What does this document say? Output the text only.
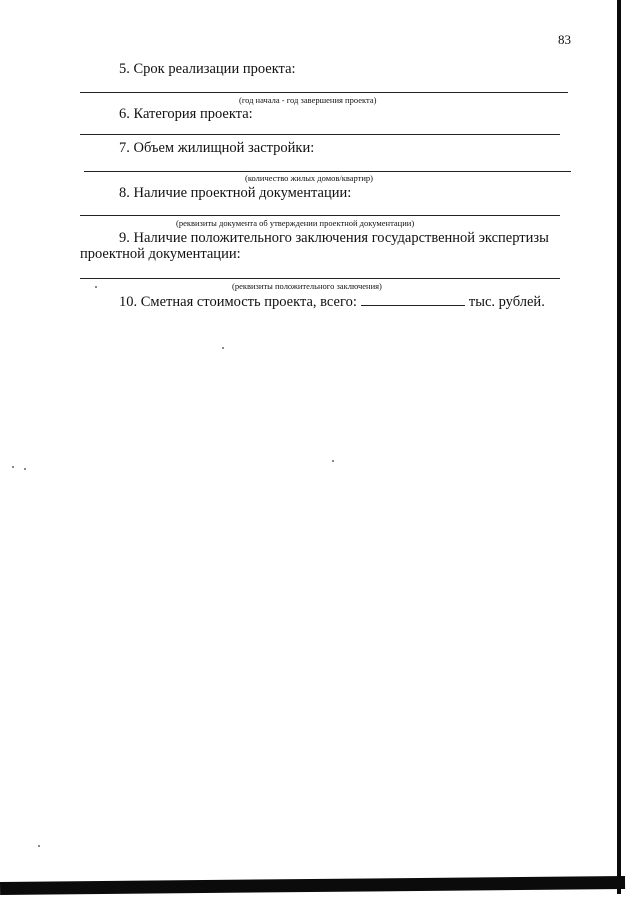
83
5. Срок реализации проекта:
(год начала - год завершения проекта)
6. Категория проекта:
7. Объем жилищной застройки:
(количество жилых домов/квартир)
8. Наличие проектной документации:
(реквизиты документа об утверждении проектной документации)
9. Наличие положительного заключения государственной экспертизы
проектной документации:
(реквизиты положительного заключения)
10. Сметная стоимость проекта, всего:	тыс. рублей.
